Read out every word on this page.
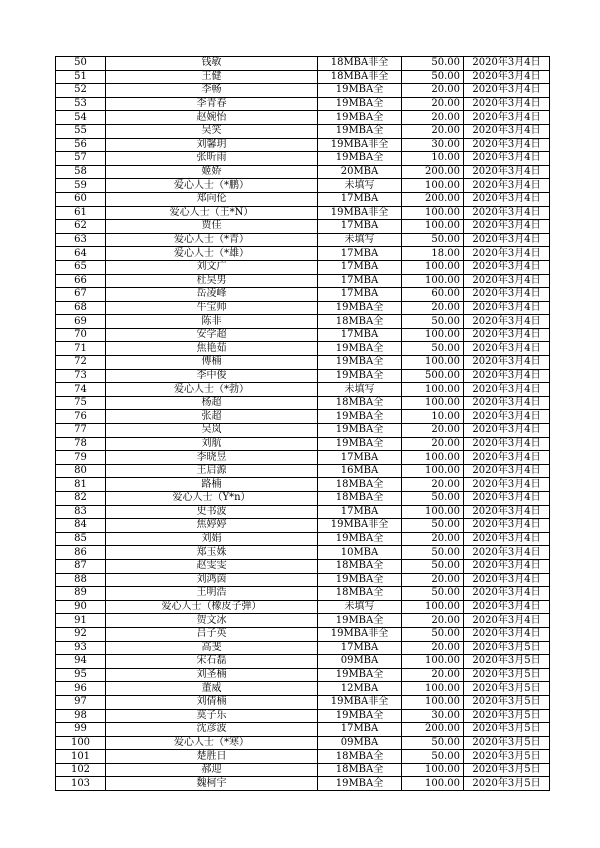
50	钱敏	18MBA非全	50.00	2020年3月4日
51	王健	18MBA非全	50.00	2020年3月4日
52	李畅	19MBA全	20.00	2020年3月4日
53	李青春	19MBA全	20.00	2020年3月4日
54	赵婉怡	19MBA全	20.00	2020年3月4日
55	吴笑	19MBA全	20.00	2020年3月4日
56	刘馨玥	19MBA非全	30.00	2020年3月4日
57	张昕雨	19MBA全	10.00	2020年3月4日
58	姬娇	20MBA	200.00	2020年3月4日
59	爱心人士（*鹏）	未填写	100.00	2020年3月4日
60	郑向伦	17MBA	200.00	2020年3月4日
61	爱心人士（王*N）	19MBA非全	100.00	2020年3月4日
62	贾佳	17MBA	100.00	2020年3月4日
63	爱心人士（*青）	未填写	50.00	2020年3月4日
64	爱心人士（*雄）	17MBA	18.00	2020年3月4日
65	刘文广	17MBA	100.00	2020年3月4日
66	杜昊男	17MBA	100.00	2020年3月4日
67	岳凌峰	17MBA	60.00	2020年3月4日
68	牛宝帅	19MBA全	20.00	2020年3月4日
69	陈非	18MBA全	50.00	2020年3月4日
70	安学超	17MBA	100.00	2020年3月4日
71	焦艳茹	19MBA全	50.00	2020年3月4日
72	傅楠	19MBA全	100.00	2020年3月4日
73	李中俊	19MBA全	500.00	2020年3月4日
74	爱心人士（*勃）	未填写	100.00	2020年3月4日
75	杨超	18MBA全	100.00	2020年3月4日
76	张超	19MBA全	10.00	2020年3月4日
77	吴岚	19MBA全	20.00	2020年3月4日
78	刘航	19MBA全	20.00	2020年3月4日
79	李晓昱	17MBA	100.00	2020年3月4日
80	王启源	16MBA	100.00	2020年3月4日
81	路楠	18MBA全	20.00	2020年3月4日
82	爱心人士（Y*n）	18MBA全	50.00	2020年3月4日
83	史书波	17MBA	100.00	2020年3月4日
84	焦婷婷	19MBA非全	50.00	2020年3月4日
85	刘娟	19MBA全	20.00	2020年3月4日
86	郑玉姝	10MBA	50.00	2020年3月4日
87	赵雯雯	18MBA全	50.00	2020年3月4日
88	刘鸿茵	19MBA全	20.00	2020年3月4日
89	王明浩	18MBA全	50.00	2020年3月4日
90	爱心人士（橡皮子弹）	未填写	100.00	2020年3月4日
91	贺文冰	19MBA全	20.00	2020年3月4日
92	吕子英	19MBA非全	50.00	2020年3月4日
93	高斐	17MBA	20.00	2020年3月5日
94	宋石磊	09MBA	100.00	2020年3月5日
95	刘圣楠	19MBA全	20.00	2020年3月5日
96	董威	12MBA	100.00	2020年3月5日
97	刘倩楠	19MBA非全	100.00	2020年3月5日
98	莫子乐	19MBA全	30.00	2020年3月5日
99	沈彦波	17MBA	200.00	2020年3月5日
100	爱心人士（*寒）	09MBA	50.00	2020年3月5日
101	楚胜日	18MBA全	50.00	2020年3月5日
102	郝迎	18MBA全	100.00	2020年3月5日
103	魏柯宇	19MBA全	100.00	2020年3月5日
